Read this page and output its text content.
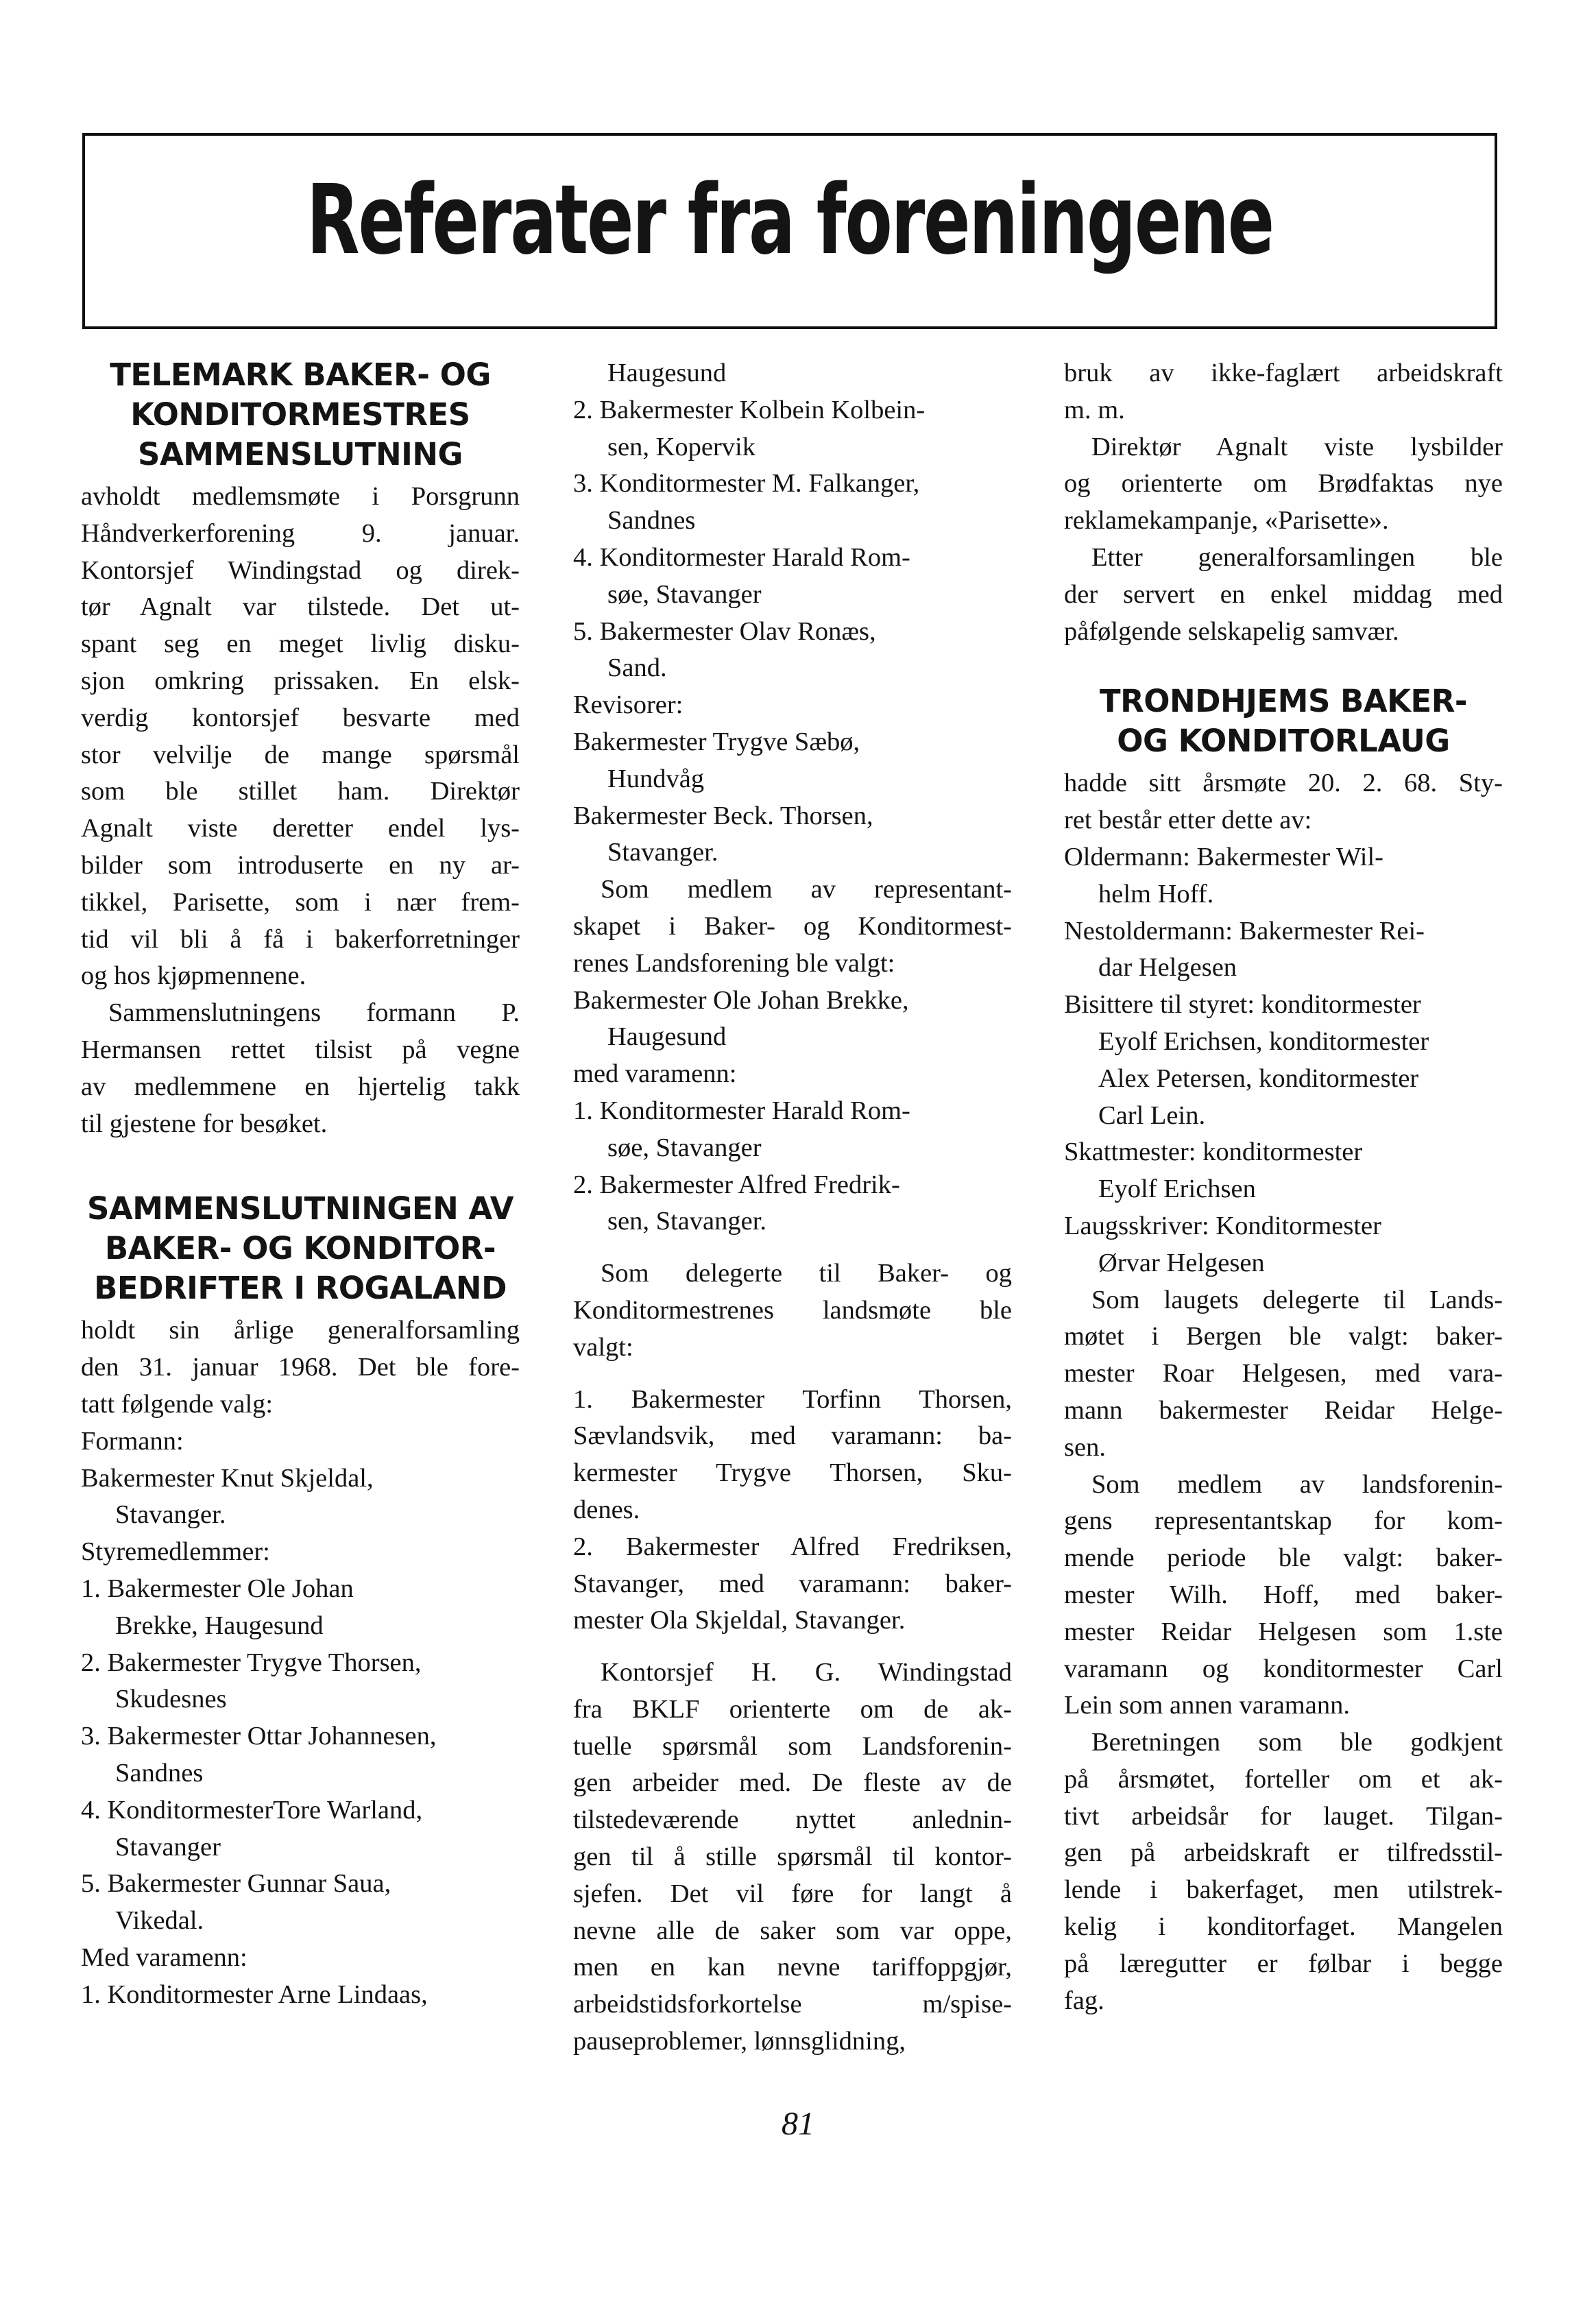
Referater fra foreningene
TELEMARK BAKER- OG
KONDITORMESTRES
SAMMENSLUTNING
avholdt medlemsmøte i Porsgrunn
Håndverkerforening 9. januar.
Kontorsjef Windingstad og direk-
tør Agnalt var tilstede. Det ut-
spant seg en meget livlig disku-
sjon omkring prissaken. En elsk-
verdig kontorsjef besvarte med
stor velvilje de mange spørsmål
som ble stillet ham. Direktør
Agnalt viste deretter endel lys-
bilder som introduserte en ny ar-
tikkel, Parisette, som i nær frem-
tid vil bli å få i bakerforretninger
og hos kjøpmennene.
Sammenslutningens formann P.
Hermansen rettet tilsist på vegne
av medlemmene en hjertelig takk
til gjestene for besøket.
SAMMENSLUTNINGEN AV
BAKER- OG KONDITOR-
BEDRIFTER I ROGALAND
holdt sin årlige generalforsamling
den 31. januar 1968. Det ble fore-
tatt følgende valg:
Formann:
Bakermester Knut Skjeldal,
Stavanger.
Styremedlemmer:
1. Bakermester Ole Johan
Brekke, Haugesund
2. Bakermester Trygve Thorsen,
Skudesnes
3. Bakermester Ottar Johannesen,
Sandnes
4. KonditormesterTore Warland,
Stavanger
5. Bakermester Gunnar Saua,
Vikedal.
Med varamenn:
1. Konditormester Arne Lindaas,
Haugesund
2. Bakermester Kolbein Kolbein-
sen, Kopervik
3. Konditormester M. Falkanger,
Sandnes
4. Konditormester Harald Rom-
søe, Stavanger
5. Bakermester Olav Ronæs,
Sand.
Revisorer:
Bakermester Trygve Sæbø,
Hundvåg
Bakermester Beck. Thorsen,
Stavanger.
Som medlem av representant-
skapet i Baker- og Konditormest-
renes Landsforening ble valgt:
Bakermester Ole Johan Brekke,
Haugesund
med varamenn:
1. Konditormester Harald Rom-
søe, Stavanger
2. Bakermester Alfred Fredrik-
sen, Stavanger.
Som delegerte til Baker- og
Konditormestrenes landsmøte ble
valgt:
1. Bakermester Torfinn Thorsen,
Sævlandsvik, med varamann: ba-
kermester Trygve Thorsen, Sku-
denes.
2. Bakermester Alfred Fredriksen,
Stavanger, med varamann: baker-
mester Ola Skjeldal, Stavanger.
Kontorsjef H. G. Windingstad
fra BKLF orienterte om de ak-
tuelle spørsmål som Landsforenin-
gen arbeider med. De fleste av de
tilstedeværende nyttet anlednin-
gen til å stille spørsmål til kontor-
sjefen. Det vil føre for langt å
nevne alle de saker som var oppe,
men en kan nevne tariffoppgjør,
arbeidstidsforkortelse m/spise-
pauseproblemer, lønnsglidning,
bruk av ikke-faglært arbeidskraft
m. m.
Direktør Agnalt viste lysbilder
og orienterte om Brødfaktas nye
reklamekampanje, «Parisette».
Etter generalforsamlingen ble
der servert en enkel middag med
påfølgende selskapelig samvær.
TRONDHJEMS BAKER-
OG KONDITORLAUG
hadde sitt årsmøte 20. 2. 68. Sty-
ret består etter dette av:
Oldermann: Bakermester Wil-
helm Hoff.
Nestoldermann: Bakermester Rei-
dar Helgesen
Bisittere til styret: konditormester
Eyolf Erichsen, konditormester
Alex Petersen, konditormester
Carl Lein.
Skattmester: konditormester
Eyolf Erichsen
Laugsskriver: Konditormester
Ørvar Helgesen
Som laugets delegerte til Lands-
møtet i Bergen ble valgt: baker-
mester Roar Helgesen, med vara-
mann bakermester Reidar Helge-
sen.
Som medlem av landsforenin-
gens representantskap for kom-
mende periode ble valgt: baker-
mester Wilh. Hoff, med baker-
mester Reidar Helgesen som 1.ste
varamann og konditormester Carl
Lein som annen varamann.
Beretningen som ble godkjent
på årsmøtet, forteller om et ak-
tivt arbeidsår for lauget. Tilgan-
gen på arbeidskraft er tilfredsstil-
lende i bakerfaget, men utilstrek-
kelig i konditorfaget. Mangelen
på læregutter er følbar i begge
fag.
81
